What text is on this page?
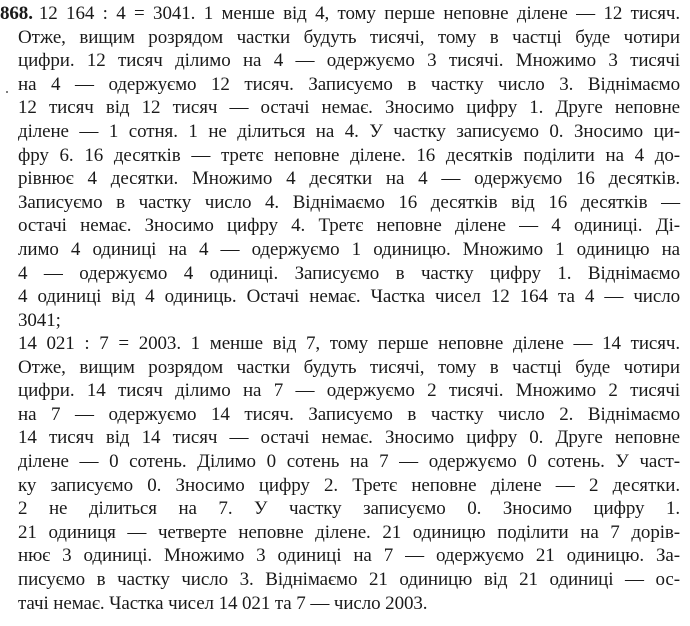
868. 12 164 : 4 = 3041. 1 менше від 4, тому перше неповне ділене — 12 тисяч.
Отже, вищим розрядом частки будуть тисячі, тому в частці буде чотири
цифри. 12 тисяч ділимо на 4 — одержуємо 3 тисячі. Множимо 3 тисячі
на 4 — одержуємо 12 тисяч. Записуємо в частку число 3. Віднімаємо
12 тисяч від 12 тисяч — остачі немає. Зносимо цифру 1. Друге неповне
ділене — 1 сотня. 1 не ділиться на 4. У частку записуємо 0. Зносимо ци-
фру 6. 16 десятків — третє неповне ділене. 16 десятків поділити на 4 до-
рівнює 4 десятки. Множимо 4 десятки на 4 — одержуємо 16 десятків.
Записуємо в частку число 4. Віднімаємо 16 десятків від 16 десятків —
остачі немає. Зносимо цифру 4. Третє неповне ділене — 4 одиниці. Ді-
лимо 4 одиниці на 4 — одержуємо 1 одиницю. Множимо 1 одиницю на
4 — одержуємо 4 одиниці. Записуємо в частку цифру 1. Віднімаємо
4 одиниці від 4 одиниць. Остачі немає. Частка чисел 12 164 та 4 — число
3041;
14 021 : 7 = 2003. 1 менше від 7, тому перше неповне ділене — 14 тисяч.
Отже, вищим розрядом частки будуть тисячі, тому в частці буде чотири
цифри. 14 тисяч ділимо на 7 — одержуємо 2 тисячі. Множимо 2 тисячі
на 7 — одержуємо 14 тисяч. Записуємо в частку число 2. Віднімаємо
14 тисяч від 14 тисяч — остачі немає. Зносимо цифру 0. Друге неповне
ділене — 0 сотень. Ділимо 0 сотень на 7 — одержуємо 0 сотень. У част-
ку записуємо 0. Зносимо цифру 2. Третє неповне ділене — 2 десятки.
2 не ділиться на 7. У частку записуємо 0. Зносимо цифру 1.
21 одиниця — четверте неповне ділене. 21 одиницю поділити на 7 дорів-
нює 3 одиниці. Множимо 3 одиниці на 7 — одержуємо 21 одиницю. За-
писуємо в частку число 3. Віднімаємо 21 одиницю від 21 одиниці — ос-
тачі немає. Частка чисел 14 021 та 7 — число 2003.
